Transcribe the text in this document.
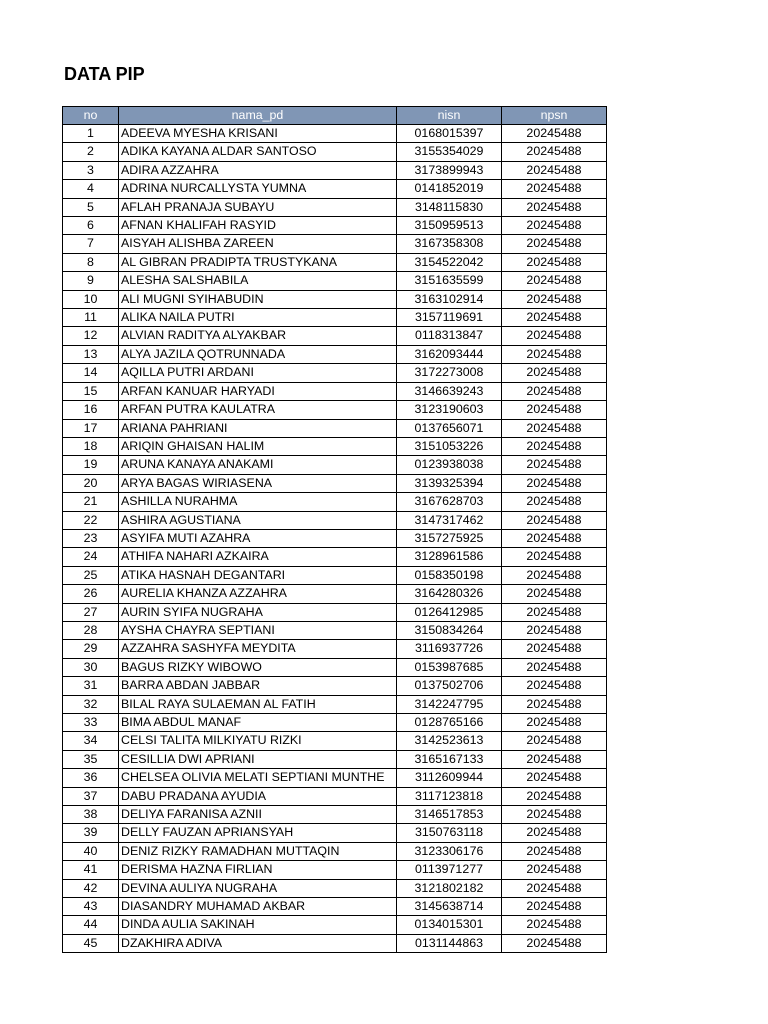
DATA PIP
no	nama_pd	nisn	npsn
1	ADEEVA MYESHA KRISANI	0168015397	20245488
2	ADIKA KAYANA ALDAR SANTOSO	3155354029	20245488
3	ADIRA AZZAHRA	3173899943	20245488
4	ADRINA NURCALLYSTA YUMNA	0141852019	20245488
5	AFLAH PRANAJA SUBAYU	3148115830	20245488
6	AFNAN KHALIFAH RASYID	3150959513	20245488
7	AISYAH ALISHBA ZAREEN	3167358308	20245488
8	AL GIBRAN PRADIPTA TRUSTYKANA	3154522042	20245488
9	ALESHA SALSHABILA	3151635599	20245488
10	ALI MUGNI SYIHABUDIN	3163102914	20245488
11	ALIKA NAILA PUTRI	3157119691	20245488
12	ALVIAN RADITYA ALYAKBAR	0118313847	20245488
13	ALYA JAZILA QOTRUNNADA	3162093444	20245488
14	AQILLA PUTRI ARDANI	3172273008	20245488
15	ARFAN KANUAR HARYADI	3146639243	20245488
16	ARFAN PUTRA KAULATRA	3123190603	20245488
17	ARIANA PAHRIANI	0137656071	20245488
18	ARIQIN GHAISAN HALIM	3151053226	20245488
19	ARUNA KANAYA ANAKAMI	0123938038	20245488
20	ARYA BAGAS WIRIASENA	3139325394	20245488
21	ASHILLA NURAHMA	3167628703	20245488
22	ASHIRA AGUSTIANA	3147317462	20245488
23	ASYIFA MUTI AZAHRA	3157275925	20245488
24	ATHIFA NAHARI AZKAIRA	3128961586	20245488
25	ATIKA HASNAH DEGANTARI	0158350198	20245488
26	AURELIA KHANZA AZZAHRA	3164280326	20245488
27	AURIN SYIFA NUGRAHA	0126412985	20245488
28	AYSHA CHAYRA SEPTIANI	3150834264	20245488
29	AZZAHRA SASHYFA MEYDITA	3116937726	20245488
30	BAGUS RIZKY WIBOWO	0153987685	20245488
31	BARRA ABDAN JABBAR	0137502706	20245488
32	BILAL RAYA SULAEMAN AL FATIH	3142247795	20245488
33	BIMA ABDUL MANAF	0128765166	20245488
34	CELSI TALITA MILKIYATU RIZKI	3142523613	20245488
35	CESILLIA DWI APRIANI	3165167133	20245488
36	CHELSEA OLIVIA MELATI SEPTIANI MUNTHE	3112609944	20245488
37	DABU PRADANA AYUDIA	3117123818	20245488
38	DELIYA FARANISA AZNII	3146517853	20245488
39	DELLY FAUZAN APRIANSYAH	3150763118	20245488
40	DENIZ RIZKY RAMADHAN MUTTAQIN	3123306176	20245488
41	DERISMA HAZNA FIRLIAN	0113971277	20245488
42	DEVINA AULIYA NUGRAHA	3121802182	20245488
43	DIASANDRY MUHAMAD AKBAR	3145638714	20245488
44	DINDA AULIA SAKINAH	0134015301	20245488
45	DZAKHIRA ADIVA	0131144863	20245488
